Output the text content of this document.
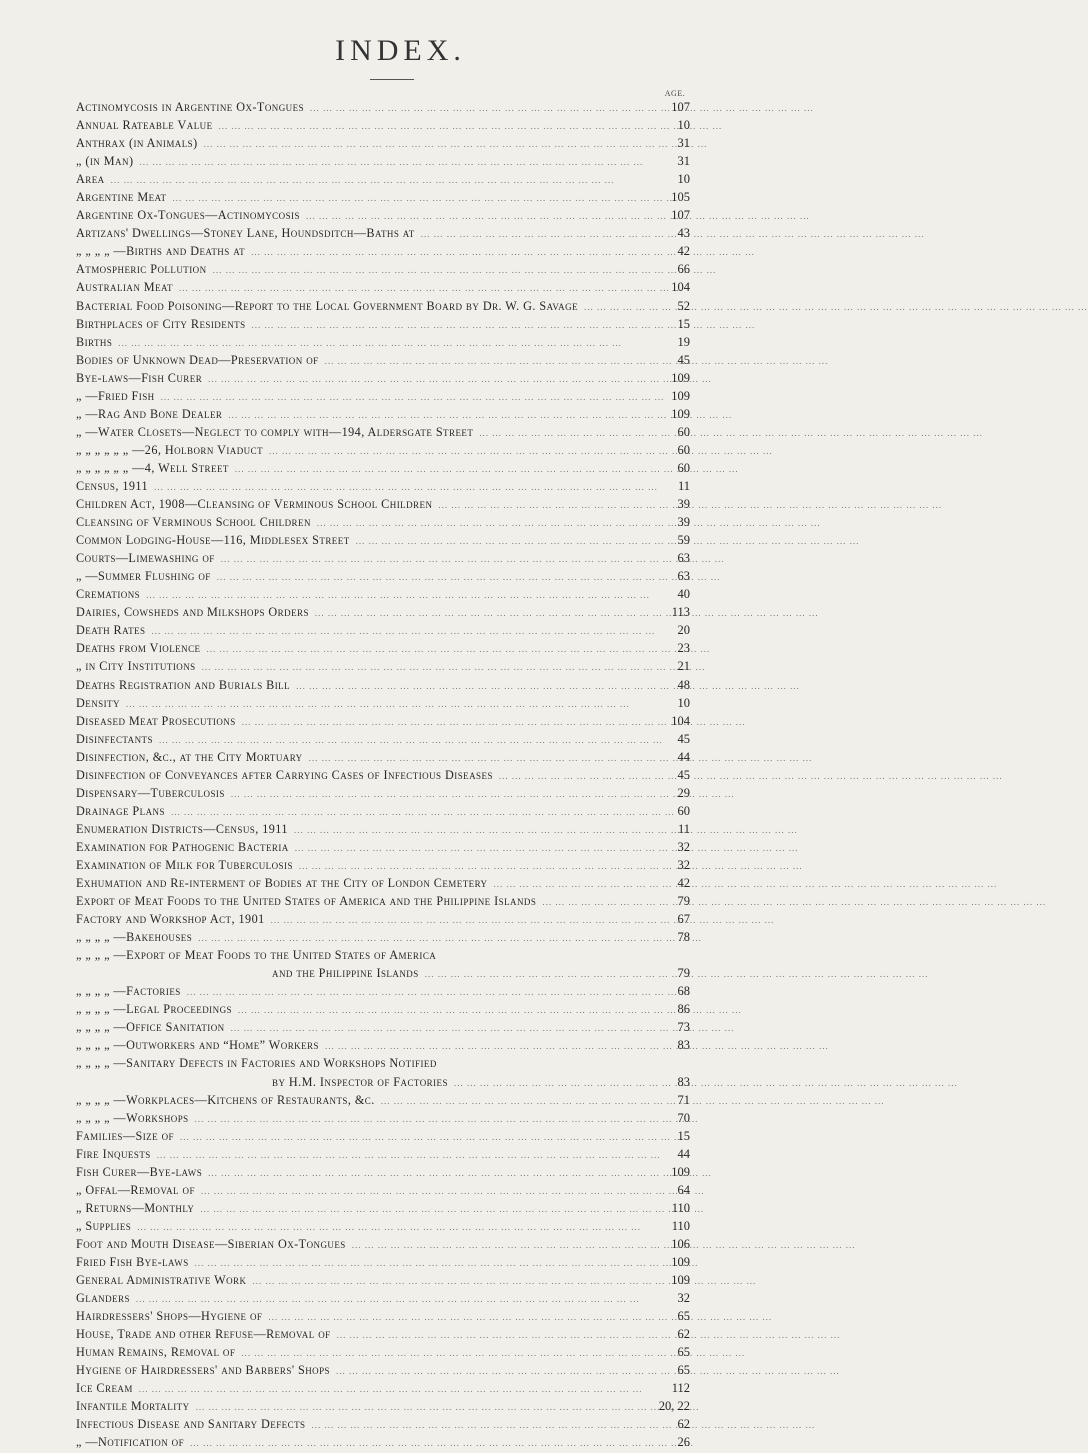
INDEX.
AGE.
Actinomycosis in Argentine Ox-Tongues ... .	107
Annual Rateable Value ... .	10
Anthrax (in Animals) ... .	31
„ (in Man) ... .	31
Area ... .	10
Argentine Meat ... .	105
Argentine Ox-Tongues—Actinomycosis ... .	107
Artizans' Dwellings—Stoney Lane, Houndsditch—Baths at ... .	43
„ „ „ „ —Births and Deaths at ... .	42
Atmospheric Pollution ... .	66
Australian Meat ... .	104
Bacterial Food Poisoning—Report to the Local Government Board by Dr. W. G. Savage ... .	52
Birthplaces of City Residents ... .	15
Births ... .	19
Bodies of Unknown Dead—Preservation of ... .	45
Bye-laws—Fish Curer ... .	109
„ —Fried Fish ... .	109
„ —Rag And Bone Dealer ... .	109
„ —Water Closets—Neglect to comply with—194, Aldersgate Street ... .	60
„ „ „ „ „ „ —26, Holborn Viaduct ... .	60
„ „ „ „ „ „ —4, Well Street ... .	60
Census, 1911 ... .	11
Children Act, 1908—Cleansing of Verminous School Children ... .	39
Cleansing of Verminous School Children ... .	39
Common Lodging-House—116, Middlesex Street ... .	59
Courts—Limewashing of ... .	63
„ —Summer Flushing of ... .	63
Cremations ... .	40
Dairies, Cowsheds and Milkshops Orders ... .	113
Death Rates ... .	20
Deaths from Violence ... .	23
„ in City Institutions ... .	21
Deaths Registration and Burials Bill ... .	48
Density ... .	10
Diseased Meat Prosecutions ... .	104
Disinfectants ... .	45
Disinfection, &c., at the City Mortuary ... .	44
Disinfection of Conveyances after Carrying Cases of Infectious Diseases ... .	45
Dispensary—Tuberculosis ... .	29
Drainage Plans ... .	60
Enumeration Districts—Census, 1911 ... .	11
Examination for Pathogenic Bacteria ... .	32
Examination of Milk for Tuberculosis ... .	32
Exhumation and Re-interment of Bodies at the City of London Cemetery ... .	42
Export of Meat Foods to the United States of America and the Philippine Islands ... .	79
Factory and Workshop Act, 1901 ... .	67
„ „ „ „ —Bakehouses ... .	78
„ „ „ „ —Export of Meat Foods to the United States of America
and the Philippine Islands ... .	79
„ „ „ „ —Factories ... .	68
„ „ „ „ —Legal Proceedings ... .	86
„ „ „ „ —Office Sanitation ... .	73
„ „ „ „ —Outworkers and “Home” Workers ... .	83
„ „ „ „ —Sanitary Defects in Factories and Workshops Notified
by H.M. Inspector of Factories ... .	83
„ „ „ „ —Workplaces—Kitchens of Restaurants, &c. ... .	71
„ „ „ „ —Workshops ... .	70
Families—Size of ... .	15
Fire Inquests ... .	44
Fish Curer—Bye-laws ... .	109
„ Offal—Removal of ... .	64
„ Returns—Monthly ... .	110
„ Supplies ... .	110
Foot and Mouth Disease—Siberian Ox-Tongues ... .	106
Fried Fish Bye-laws ... .	109
General Administrative Work ... .	109
Glanders ... .	32
Hairdressers' Shops—Hygiene of ... .	65
House, Trade and other Refuse—Removal of ... .	62
Human Remains, Removal of ... .	65
Hygiene of Hairdressers' and Barbers' Shops ... .	65
Ice Cream ... .	112
Infantile Mortality ... .	20, 22
Infectious Disease and Sanitary Defects ... .	62
„ —Notification of ... .	26
